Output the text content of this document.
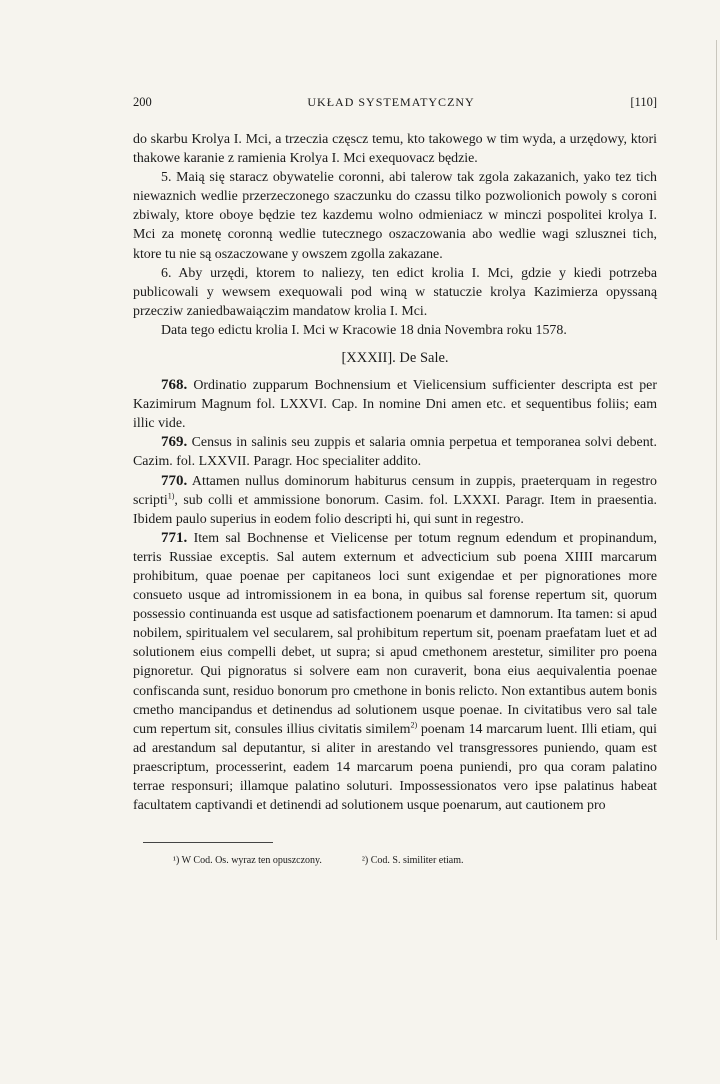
200	UKŁAD SYSTEMATYCZNY	[110]

do skarbu Krolya I. Mci, a trzeczia częscz temu, kto takowego w tim wyda, a urzędowy, ktori thakowe karanie z ramienia Krolya I. Mci exequovacz będzie.

5. Maią się staracz obywatelie coronni, abi talerow tak zgola zakazanich, yako tez tich niewaznich wedlie przerzeczonego szaczunku do czassu tilko pozwolionich powoly s coroni zbiwaly, ktore oboye będzie tez kazdemu wolno odmieniacz w minczi pospolitei krolya I. Mci za monetę coronną wedlie tutecznego oszaczowania abo wedlie wagi szlusznei tich, ktore tu nie są oszaczowane y owszem zgolla zakazane.

6. Aby urzędi, ktorem to naliezy, ten edict krolia I. Mci, gdzie y kiedi potrzeba publicowali y wewsem exequowali pod winą w statuczie krolya Kazimierza opyssaną przeczіw zaniedbawaiączim mandatow krolia I. Mci.

Data tego edictu krolia I. Mci w Kracowie 18 dnia Novembra roku 1578.

[XXXII]. De Sale.

768. Ordinatio zupparum Bochnensium et Vielicensium sufficienter descripta est per Kazimirum Magnum fol. LXXVI. Cap. In nomine Dni amen etc. et sequentibus foliis; eam illic vide.

769. Census in salinis seu zuppis et salaria omnia perpetua et temporanea solvi debent. Cazim. fol. LXXVII. Paragr. Hoc specialiter addito.

770. Attamen nullus dominorum habiturus censum in zuppis, praeterquam in regestro scripti$^{1)}$, sub colli et ammissione bonorum. Casim. fol. LXXXI. Paragr. Item in praesentia. Ibidem paulo superius in eodem folio descripti hi, qui sunt in regestro.

771. Item sal Bochnense et Vielicense per totum regnum edendum et propinandum, terris Russiae exceptis. Sal autem externum et advecticium sub poena XIIII marcarum prohibitum, quae poenae per capitaneos loci sunt exigendae et per pignorationes more consueto usque ad intromissionem in ea bona, in quibus sal forense repertum sit, quorum possessio continuanda est usque ad satisfactionem poenarum et damnorum. Ita tamen: si apud nobilem, spiritualem vel secularem, sal prohibitum repertum sit, poenam praefatam luet et ad solutionem eius compelli debet, ut supra; si apud cmethonem arestetur, similiter pro poena pignoretur. Qui pignoratus si solvere eam non curaverit, bona eius aequivalentia poenae confiscanda sunt, residuo bonorum pro cmethone in bonis relicto. Non extantibus autem bonis cmetho mancipandus et detinendus ad solutionem usque poenae. In civitatibus vero sal tale cum repertum sit, consules illius civitatis similem$^{2)}$ poenam 14 marcarum luent. Illi etiam, qui ad arestandum sal deputantur, si aliter in arestando vel transgressores puniendo, quam est praescriptum, processerint, eadem 14 marcarum poena puniendi, pro qua coram palatino terrae responsuri; illamque palatino soluturi. Impossessionatos vero ipse palatinus habeat facultatem captivandi et detinendi ad solutionem usque poenarum, aut cautionem pro

¹) W Cod. Os. wyraz ten opuszczony.	²) Cod. S. similiter etiam.
